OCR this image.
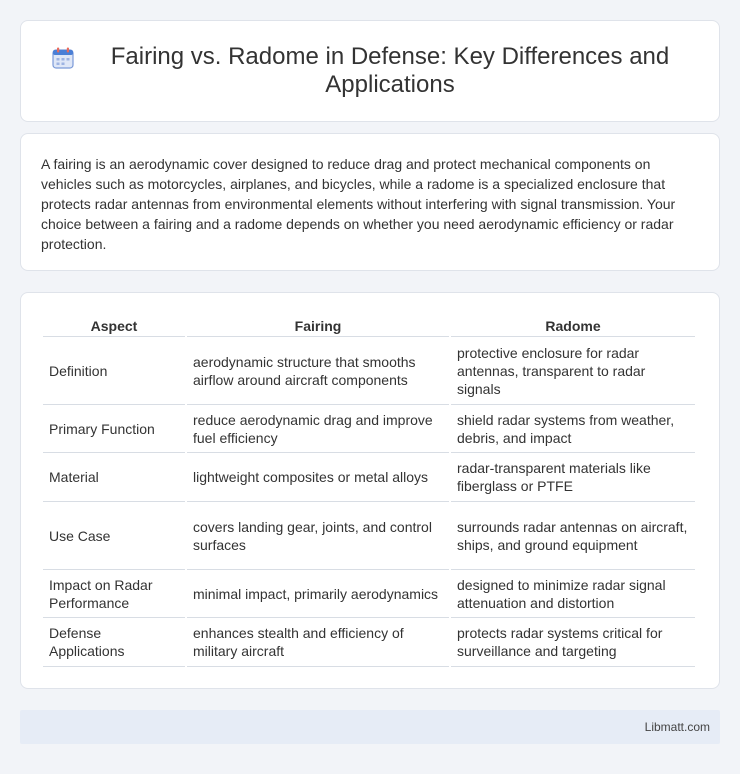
Fairing vs. Radome in Defense: Key Differences and Applications

A fairing is an aerodynamic cover designed to reduce drag and protect mechanical components on vehicles such as motorcycles, airplanes, and bicycles, while a radome is a specialized enclosure that protects radar antennas from environmental elements without interfering with signal transmission. Your choice between a fairing and a radome depends on whether you need aerodynamic efficiency or radar protection.

Aspect	Fairing	Radome
Definition	aerodynamic structure that smooths airflow around aircraft components	protective enclosure for radar antennas, transparent to radar signals
Primary Function	reduce aerodynamic drag and improve fuel efficiency	shield radar systems from weather, debris, and impact
Material	lightweight composites or metal alloys	radar-transparent materials like fiberglass or PTFE
Use Case	covers landing gear, joints, and control surfaces	surrounds radar antennas on aircraft, ships, and ground equipment
Impact on Radar Performance	minimal impact, primarily aerodynamics	designed to minimize radar signal attenuation and distortion
Defense Applications	enhances stealth and efficiency of military aircraft	protects radar systems critical for surveillance and targeting
Libmatt.com
